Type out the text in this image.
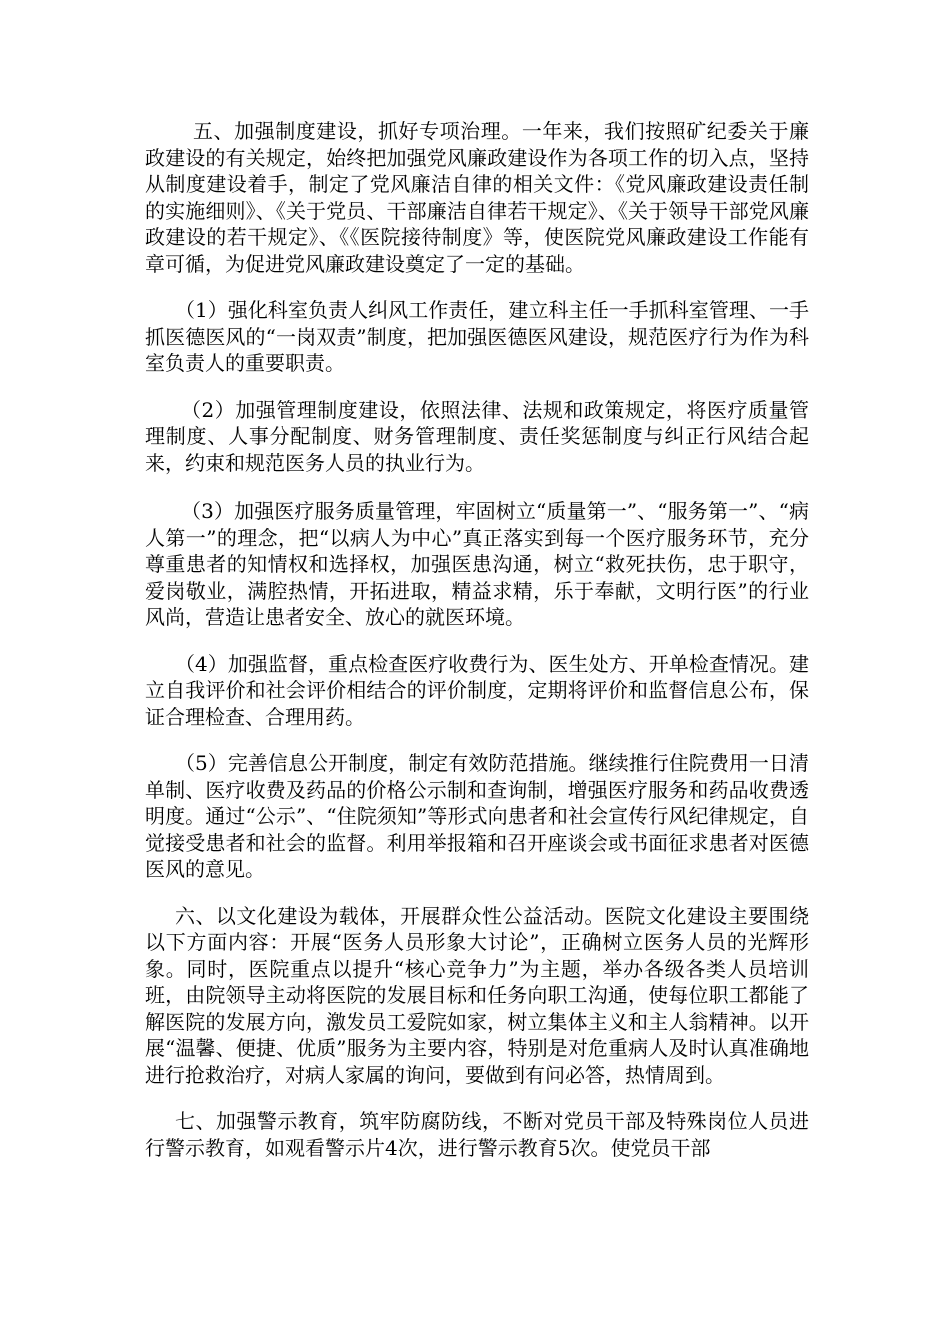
五、加强制度建设，抓好专项治理。一年来，我们按照矿纪委关于廉政建设的有关规定，始终把加强党风廉政建设作为各项工作的切入点，坚持从制度建设着手，制定了党风廉洁自律的相关文件：《党风廉政建设责任制的实施细则》、《关于党员、干部廉洁自律若干规定》、《关于领导干部党风廉政建设的若干规定》、《《医院接待制度》等，使医院党风廉政建设工作能有章可循，为促进党风廉政建设奠定了一定的基础。

（1）强化科室负责人纠风工作责任，建立科主任一手抓科室管理、一手抓医德医风的“一岗双责”制度，把加强医德医风建设，规范医疗行为作为科室负责人的重要职责。

（2）加强管理制度建设，依照法律、法规和政策规定，将医疗质量管理制度、人事分配制度、财务管理制度、责任奖惩制度与纠正行风结合起来，约束和规范医务人员的执业行为。

（3）加强医疗服务质量管理，牢固树立“质量第一”、“服务第一”、“病人第一”的理念，把“以病人为中心”真正落实到每一个医疗服务环节，充分尊重患者的知情权和选择权，加强医患沟通，树立“救死扶伤，忠于职守，爱岗敬业，满腔热情，开拓进取，精益求精，乐于奉献，文明行医”的行业风尚，营造让患者安全、放心的就医环境。

（4）加强监督，重点检查医疗收费行为、医生处方、开单检查情况。建立自我评价和社会评价相结合的评价制度，定期将评价和监督信息公布，保证合理检查、合理用药。

（5）完善信息公开制度，制定有效防范措施。继续推行住院费用一日清单制、医疗收费及药品的价格公示制和查询制，增强医疗服务和药品收费透明度。通过“公示”、“住院须知”等形式向患者和社会宣传行风纪律规定，自觉接受患者和社会的监督。利用举报箱和召开座谈会或书面征求患者对医德医风的意见。

六、以文化建设为载体，开展群众性公益活动。医院文化建设主要围绕以下方面内容：开展“医务人员形象大讨论”，正确树立医务人员的光辉形象。同时，医院重点以提升“核心竞争力”为主题，举办各级各类人员培训班，由院领导主动将医院的发展目标和任务向职工沟通，使每位职工都能了解医院的发展方向，激发员工爱院如家，树立集体主义和主人翁精神。以开展“温馨、便捷、优质”服务为主要内容，特别是对危重病人及时认真准确地进行抢救治疗，对病人家属的询问，要做到有问必答，热情周到。

七、加强警示教育，筑牢防腐防线，不断对党员干部及特殊岗位人员进行警示教育，如观看警示片4次，进行警示教育5次。使党员干部
